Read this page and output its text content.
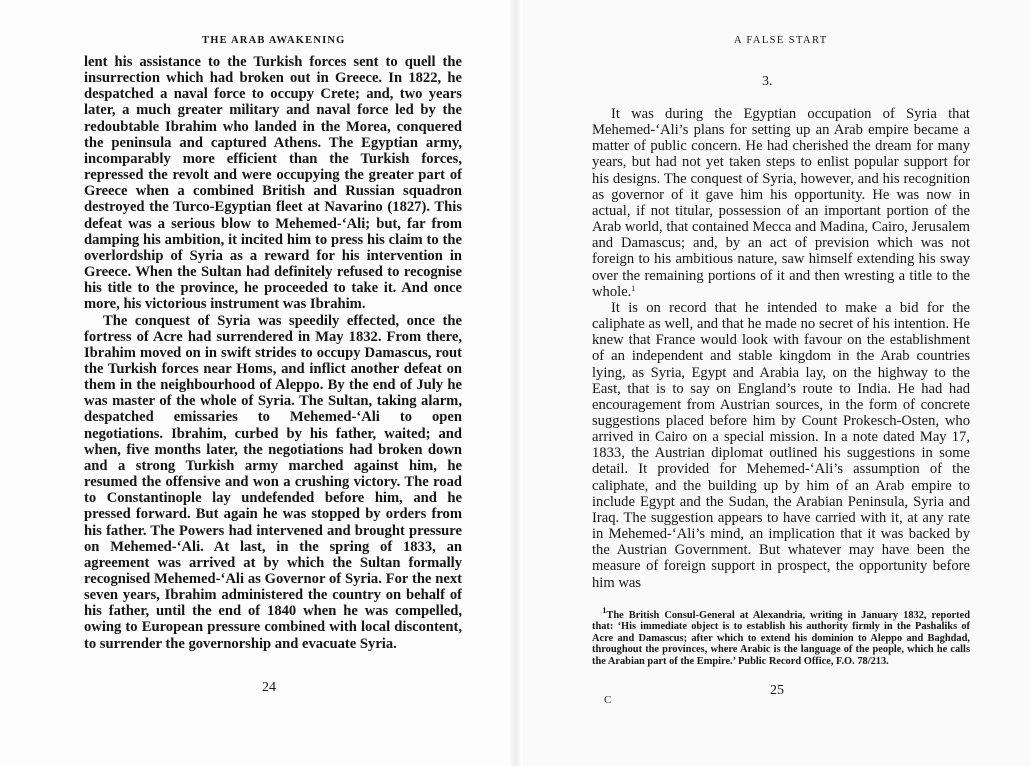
THE ARAB AWAKENING

lent his assistance to the Turkish forces sent to quell the insurrection which had broken out in Greece. In 1822, he despatched a naval force to occupy Crete; and, two years later, a much greater military and naval force led by the redoubtable Ibrahim who landed in the Morea, conquered the peninsula and captured Athens. The Egyptian army, incomparably more efficient than the Turkish forces, repressed the revolt and were occupying the greater part of Greece when a combined British and Russian squadron destroyed the Turco-Egyptian fleet at Navarino (1827). This defeat was a serious blow to Mehemed-‘Ali; but, far from damping his ambition, it incited him to press his claim to the overlordship of Syria as a reward for his intervention in Greece. When the Sultan had definitely refused to recognise his title to the province, he proceeded to take it. And once more, his victorious instrument was Ibrahim.

The conquest of Syria was speedily effected, once the fortress of Acre had surrendered in May 1832. From there, Ibrahim moved on in swift strides to occupy Damascus, rout the Turkish forces near Homs, and inflict another defeat on them in the neighbourhood of Aleppo. By the end of July he was master of the whole of Syria. The Sultan, taking alarm, despatched emissaries to Mehemed-‘Ali to open negotiations. Ibrahim, curbed by his father, waited; and when, five months later, the negotiations had broken down and a strong Turkish army marched against him, he resumed the offensive and won a crushing victory. The road to Constantinople lay undefended before him, and he pressed forward. But again he was stopped by orders from his father. The Powers had intervened and brought pressure on Mehemed-‘Ali. At last, in the spring of 1833, an agreement was arrived at by which the Sultan formally recognised Mehemed-‘Ali as Governor of Syria. For the next seven years, Ibrahim administered the country on behalf of his father, until the end of 1840 when he was compelled, owing to European pressure combined with local discontent, to surrender the governorship and evacuate Syria.

24
A FALSE START
3.

It was during the Egyptian occupation of Syria that Mehemed-‘Ali’s plans for setting up an Arab empire became a matter of public concern. He had cherished the dream for many years, but had not yet taken steps to enlist popular support for his designs. The conquest of Syria, however, and his recognition as governor of it gave him his opportunity. He was now in actual, if not titular, possession of an important portion of the Arab world, that contained Mecca and Madina, Cairo, Jerusalem and Damascus; and, by an act of prevision which was not foreign to his ambitious nature, saw himself extending his sway over the remaining portions of it and then wresting a title to the whole.$^1$

It is on record that he intended to make a bid for the caliphate as well, and that he made no secret of his intention. He knew that France would look with favour on the establishment of an independent and stable kingdom in the Arab countries lying, as Syria, Egypt and Arabia lay, on the highway to the East, that is to say on England’s route to India. He had had encouragement from Austrian sources, in the form of concrete suggestions placed before him by Count Prokesch-Osten, who arrived in Cairo on a special mission. In a note dated May 17, 1833, the Austrian diplomat outlined his suggestions in some detail. It provided for Mehemed-‘Ali’s assumption of the caliphate, and the building up by him of an Arab empire to include Egypt and the Sudan, the Arabian Peninsula, Syria and Iraq. The suggestion appears to have carried with it, at any rate in Mehemed-‘Ali’s mind, an implication that it was backed by the Austrian Government. But whatever may have been the measure of foreign support in prospect, the opportunity before him was

$^1$The British Consul-General at Alexandria, writing in January 1832, reported that: ‘His immediate object is to establish his authority firmly in the Pashaliks of Acre and Damascus; after which to extend his dominion to Aleppo and Baghdad, throughout the provinces, where Arabic is the language of the people, which he calls the Arabian part of the Empire.’ Public Record Office, F.O. 78/213.
25
C
